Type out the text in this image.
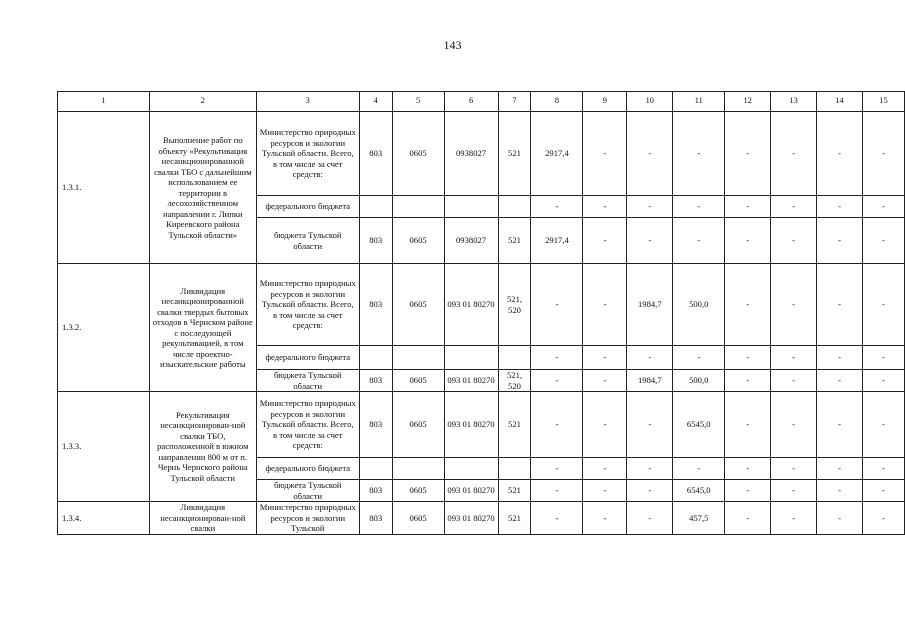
143
1	2	3	4	5	6	7	8	9	10	11	12	13	14	15
1.3.1.	Выполнение работ по объекту «Рекультивация несанкционированной свалки ТБО с дальнейшим использованием ее территории в лесохозяйственном направлении г. Липки Киреевского района Тульской области»	Министерство природных ресурсов и экологии Тульской области. Всего, в том числе за счет средств:	803	0605	0938027	521	2917,4	-	-	-	-	-	-	-
		федерального бюджета					-	-	-	-	-	-	-	-
		бюджета Тульской области	803	0605	0938027	521	2917,4	-	-	-	-	-	-	-
1.3.2.	Ликвидация несанкционированной свалки твердых бытовых отходов в Чернском районе с последующей рекультивацией, в том числе проектно-изыскательские работы	Министерство природных ресурсов и экологии Тульской области. Всего, в том числе за счет средств:	803	0605	093 01 80270	521, 520	-	-	1984,7	500,0	-	-	-	-
		федерального бюджета					-	-	-	-	-	-	-	-
		бюджета Тульской области	803	0605	093 01 80270	521, 520	-	-	1984,7	500,0	-	-	-	-
1.3.3.	Рекультивация несанкционирован-ной свалки ТБО, расположенной в южном направлении 800 м от п. Чернь Чернского района Тульской области	Министерство природных ресурсов и экологии Тульской области. Всего, в том числе за счет средств:	803	0605	093 01 80270	521	-	-	-	6545,0	-	-	-	-
		федерального бюджета					-	-	-	-	-	-	-	-
		бюджета Тульской области	803	0605	093 01 80270	521	-	-	-	6545,0	-	-	-	-
1.3.4.	Ликвидация несанкционирован-ной свалки	Министерство природных ресурсов и экологии Тульской	803	0605	093 01 80270	521	-	-	-	457,5	-	-	-	-
